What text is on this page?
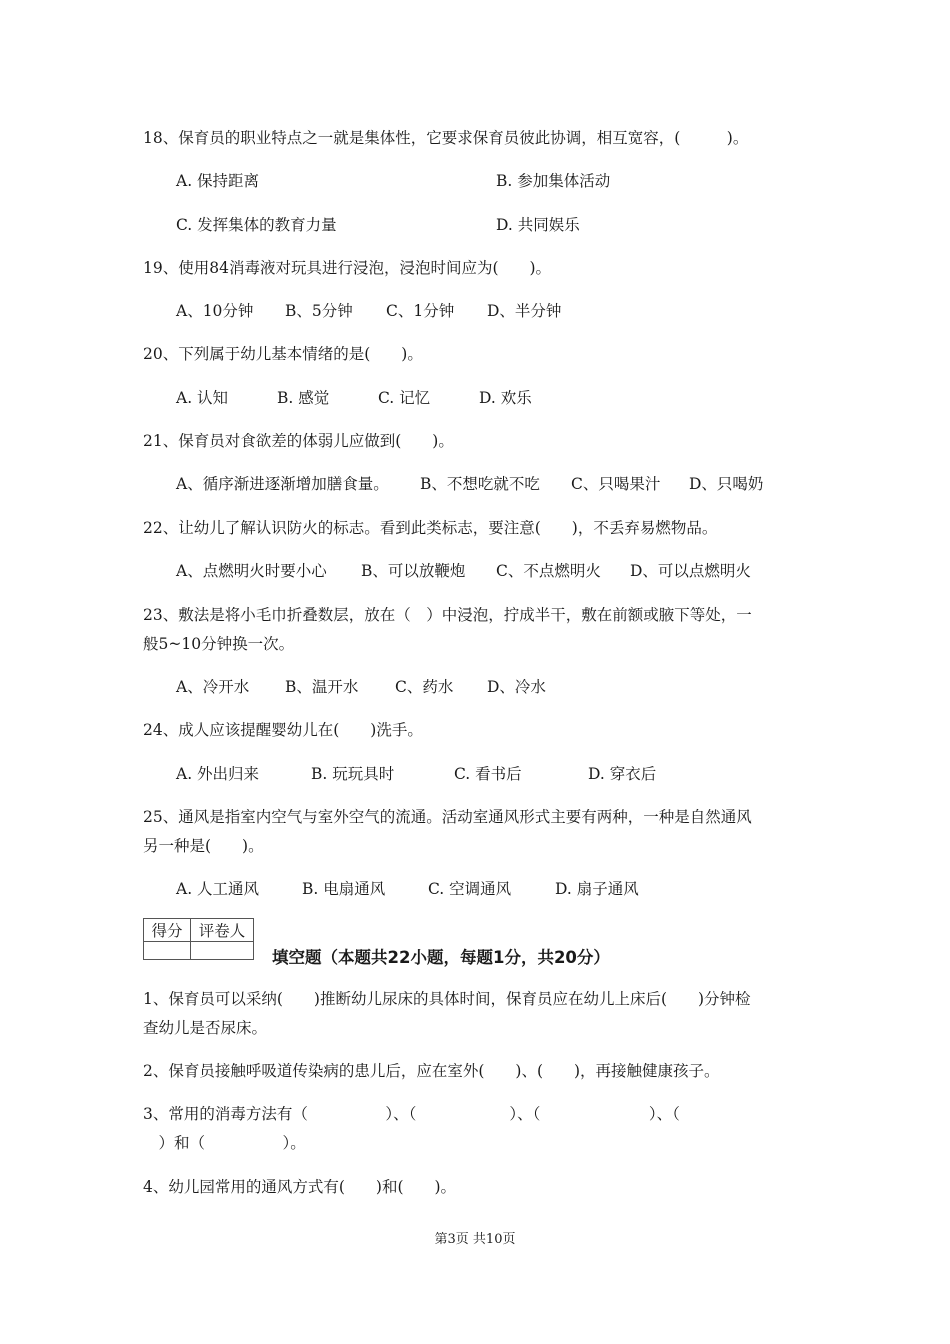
18、保育员的职业特点之一就是集体性，它要求保育员彼此协调，相互宽容，(　　　)。
A. 保持距离	B. 参加集体活动
C. 发挥集体的教育力量	D. 共同娱乐
19、使用84消毒液对玩具进行浸泡，浸泡时间应为(　　)。
A、10分钟 B、5分钟 C、1分钟 D、半分钟
20、下列属于幼儿基本情绪的是(　　)。
A. 认知	B. 感觉	C. 记忆	D. 欢乐
21、保育员对食欲差的体弱儿应做到(　　)。
A、循序渐进逐渐增加膳食量。 B、不想吃就不吃 C、只喝果汁 D、只喝奶
22、让幼儿了解认识防火的标志。看到此类标志，要注意(　　)，不丢弃易燃物品。
A、点燃明火时要小心 B、可以放鞭炮 C、不点燃明火 D、可以点燃明火
23、敷法是将小毛巾折叠数层，放在（　）中浸泡，拧成半干，敷在前额或腋下等处，一
般5~10分钟换一次。
A、冷开水 B、温开水 C、药水 D、冷水
24、成人应该提醒婴幼儿在(　　)洗手。
A. 外出归来	B. 玩玩具时	C. 看书后	D. 穿衣后
25、通风是指室内空气与室外空气的流通。活动室通风形式主要有两种，一种是自然通风
另一种是(　　)。
A. 人工通风	B. 电扇通风	C. 空调通风	D. 扇子通风
得分	评卷人

填空题（本题共22小题，每题1分，共20分）
1、保育员可以采纳(　　)推断幼儿尿床的具体时间，保育员应在幼儿上床后(　　)分钟检
查幼儿是否尿床。
2、保育员接触呼吸道传染病的患儿后，应在室外(　　)、(　　)，再接触健康孩子。
3、常用的消毒方法有（　　　　　）、（　　　　　　）、（　　　　　　　）、（
　）和（　　　　　）。
4、幼儿园常用的通风方式有(　　)和(　　)。
第3页 共10页
